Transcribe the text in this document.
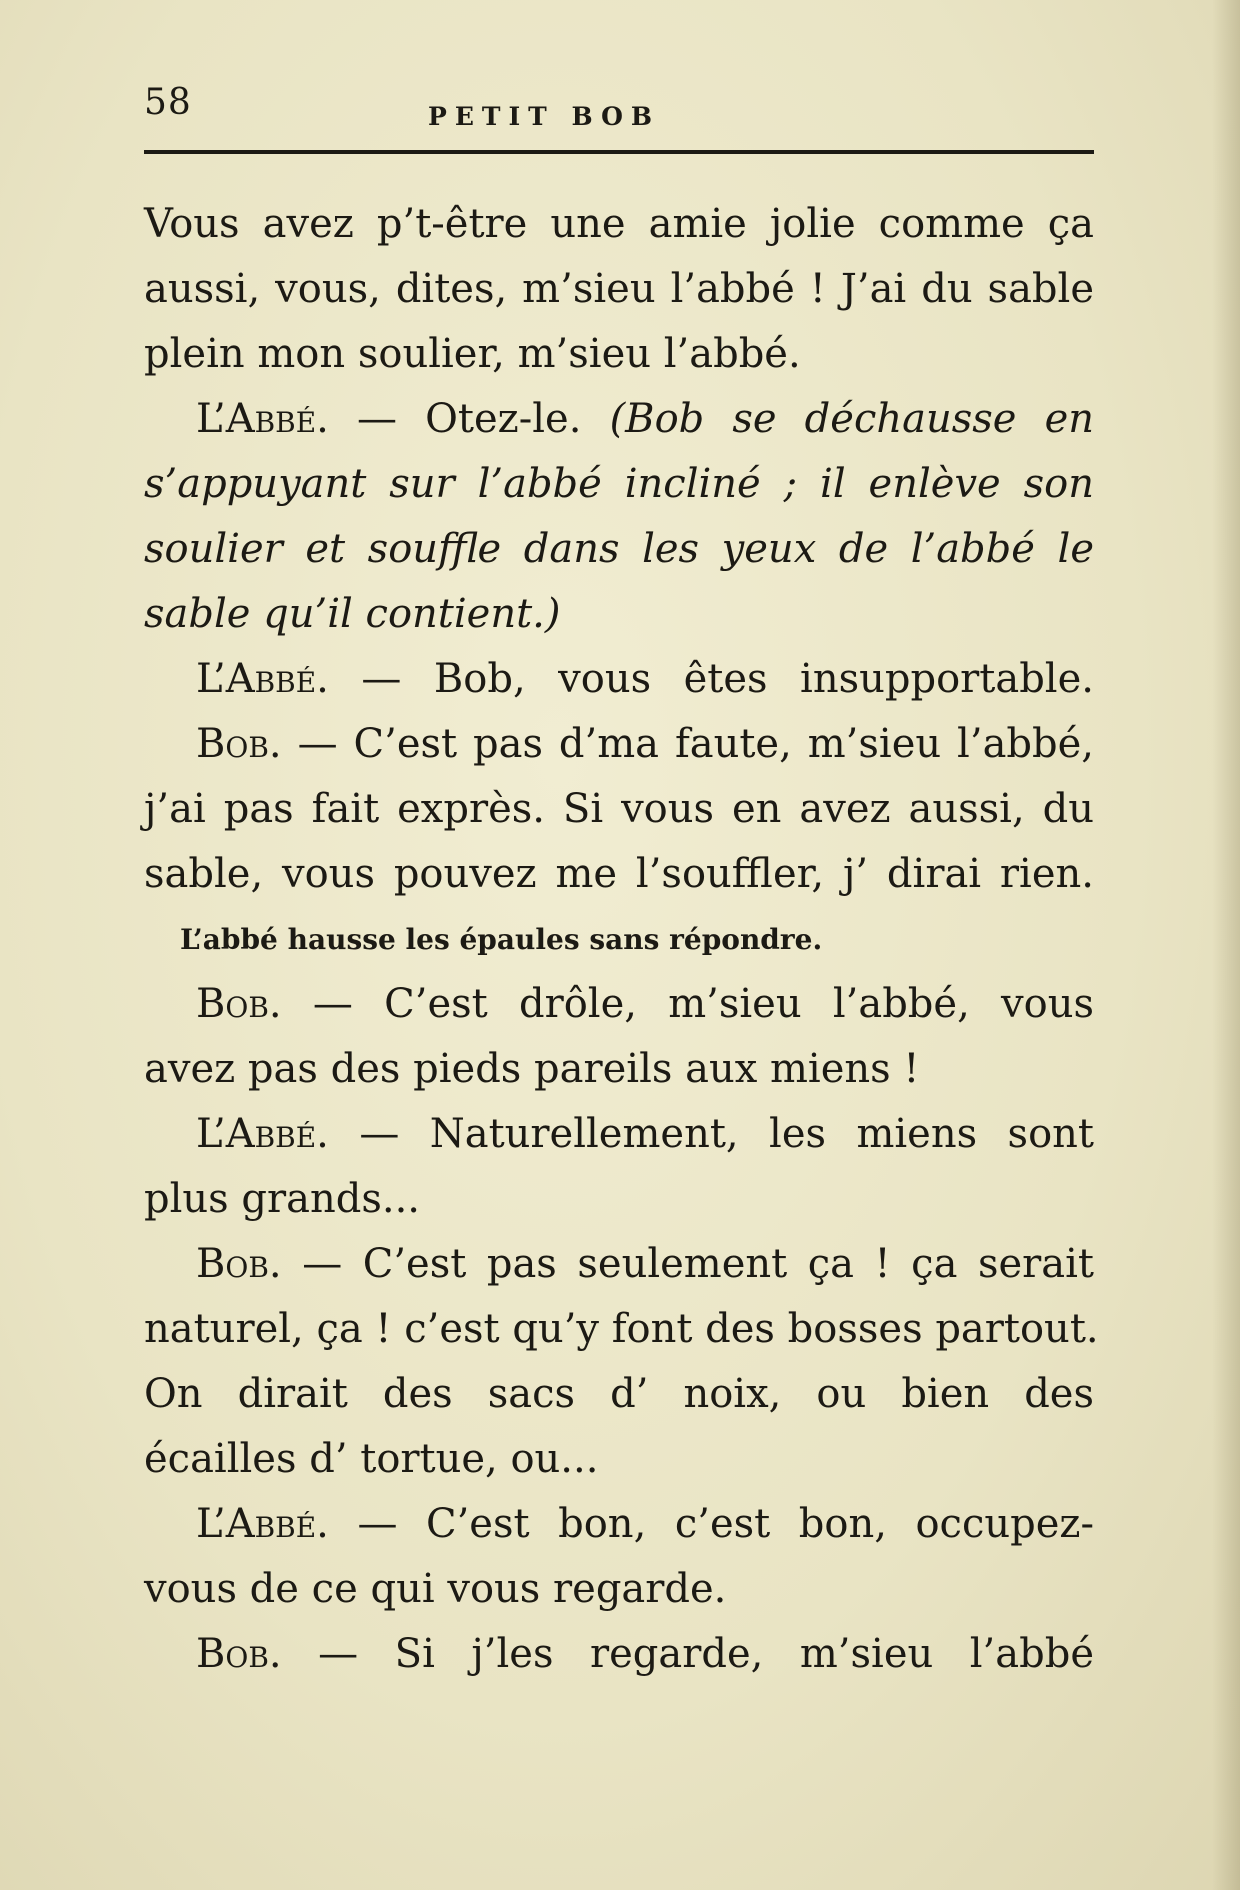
58	PETIT BOB
Vous avez p’t-être une amie jolie comme ça
aussi, vous, dites, m’sieu l’abbé ! J’ai du sable
plein mon soulier, m’sieu l’abbé.
L’Abbé. — Otez-le. (Bob se déchausse en
s’appuyant sur l’abbé incliné ; il enlève son
soulier et souffle dans les yeux de l’abbé le
sable qu’il contient.)
L’Abbé. — Bob, vous êtes insupportable.
Bob. — C’est pas d’ma faute, m’sieu l’abbé,
j’ai pas fait exprès. Si vous en avez aussi, du
sable, vous pouvez me l’souffler, j’ dirai rien.
L’abbé hausse les épaules sans répondre.
Bob. — C’est drôle, m’sieu l’abbé, vous
avez pas des pieds pareils aux miens !
L’Abbé. — Naturellement, les miens sont
plus grands...
Bob. — C’est pas seulement ça ! ça serait
naturel, ça ! c’est qu’y font des bosses partout.
On dirait des sacs d’ noix, ou bien des
écailles d’ tortue, ou...
L’Abbé. — C’est bon, c’est bon, occupez-
vous de ce qui vous regarde.
Bob. — Si j’les regarde, m’sieu l’abbé
